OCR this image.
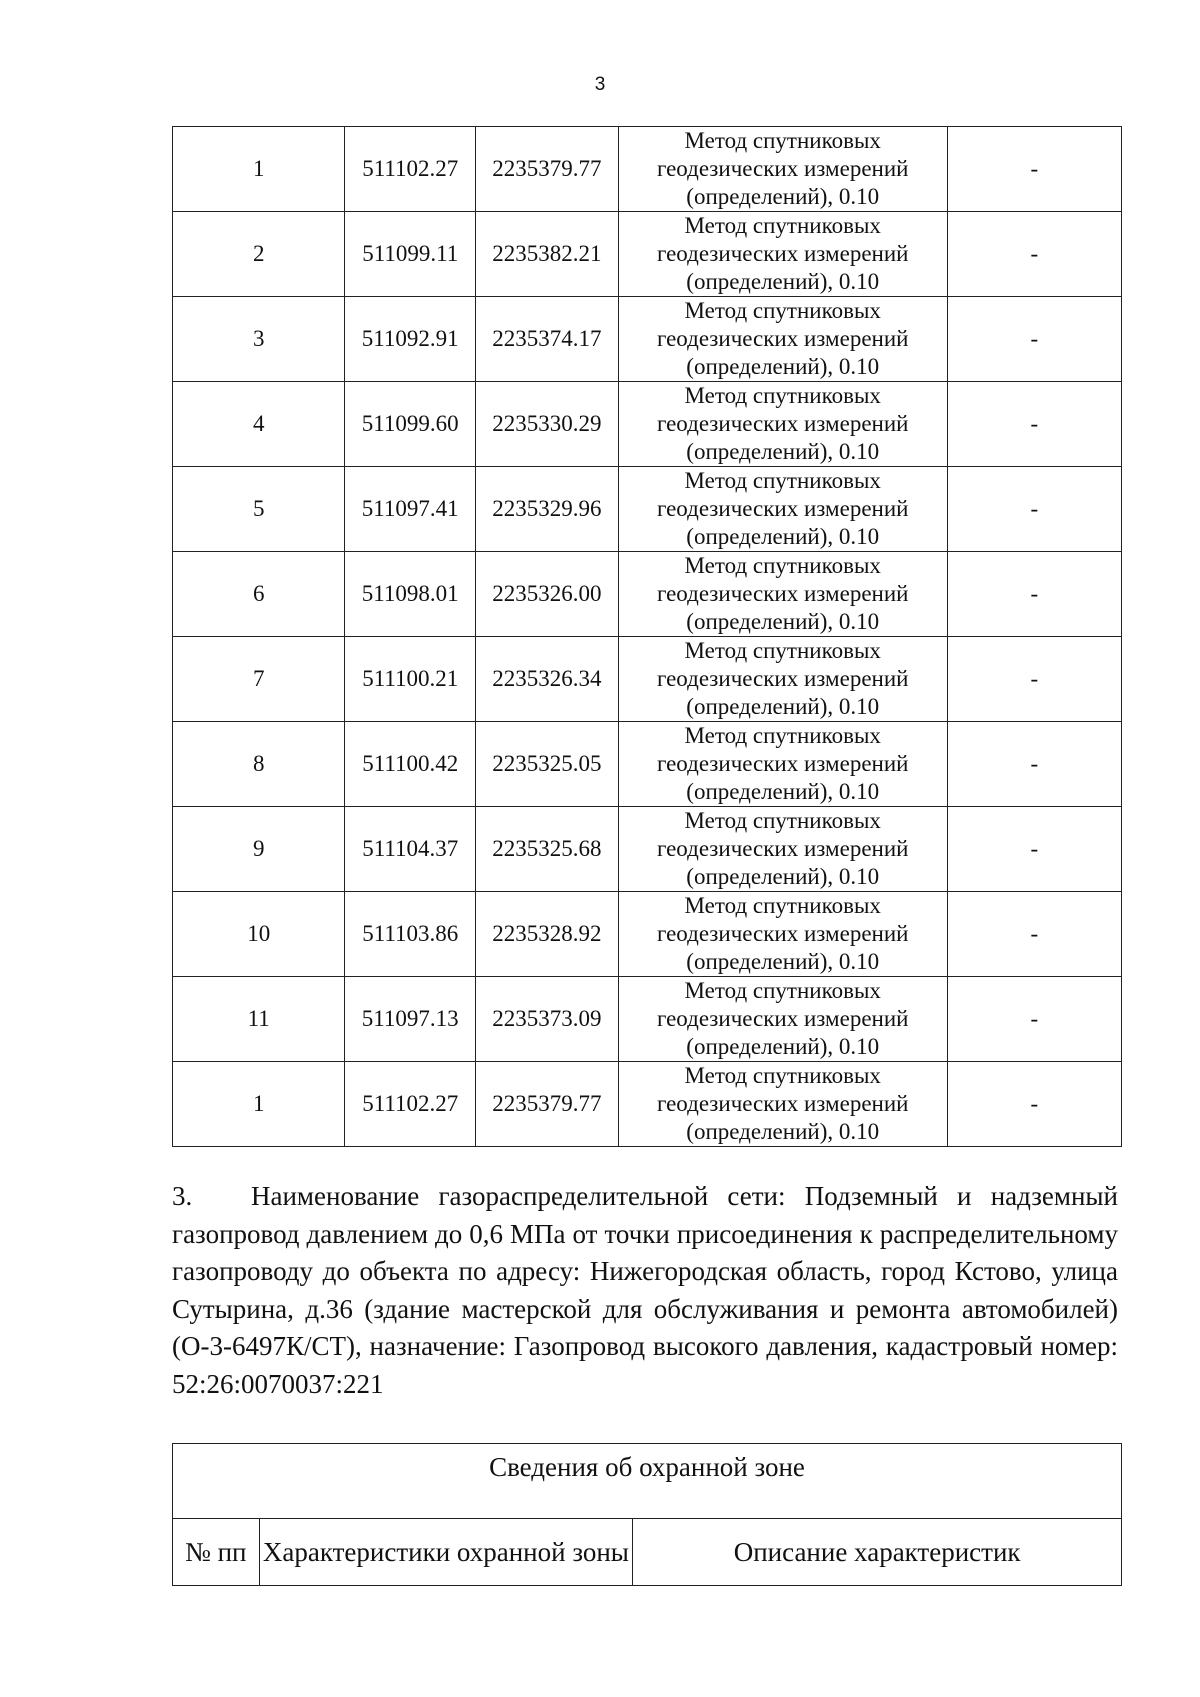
3
1	511102.27	2235379.77	Метод спутниковых
геодезических измерений
(определений), 0.10	-
2	511099.11	2235382.21	Метод спутниковых
геодезических измерений
(определений), 0.10	-
3	511092.91	2235374.17	Метод спутниковых
геодезических измерений
(определений), 0.10	-
4	511099.60	2235330.29	Метод спутниковых
геодезических измерений
(определений), 0.10	-
5	511097.41	2235329.96	Метод спутниковых
геодезических измерений
(определений), 0.10	-
6	511098.01	2235326.00	Метод спутниковых
геодезических измерений
(определений), 0.10	-
7	511100.21	2235326.34	Метод спутниковых
геодезических измерений
(определений), 0.10	-
8	511100.42	2235325.05	Метод спутниковых
геодезических измерений
(определений), 0.10	-
9	511104.37	2235325.68	Метод спутниковых
геодезических измерений
(определений), 0.10	-
10	511103.86	2235328.92	Метод спутниковых
геодезических измерений
(определений), 0.10	-
11	511097.13	2235373.09	Метод спутниковых
геодезических измерений
(определений), 0.10	-
1	511102.27	2235379.77	Метод спутниковых
геодезических измерений
(определений), 0.10	-

3. Наименование газораспределительной сети: Подземный и надземный газопровод давлением до 0,6 МПа от точки присоединения к распределительному газопроводу до объекта по адресу: Нижегородская область, город Кстово, улица Сутырина, д.36 (здание мастерской для обслуживания и ремонта автомобилей) (О-3-6497К/СТ), назначение: Газопровод высокого давления, кадастровый номер: 52:26:0070037:221

Сведения об охранной зоне
№ пп	Характеристики охранной зоны	Описание характеристик
